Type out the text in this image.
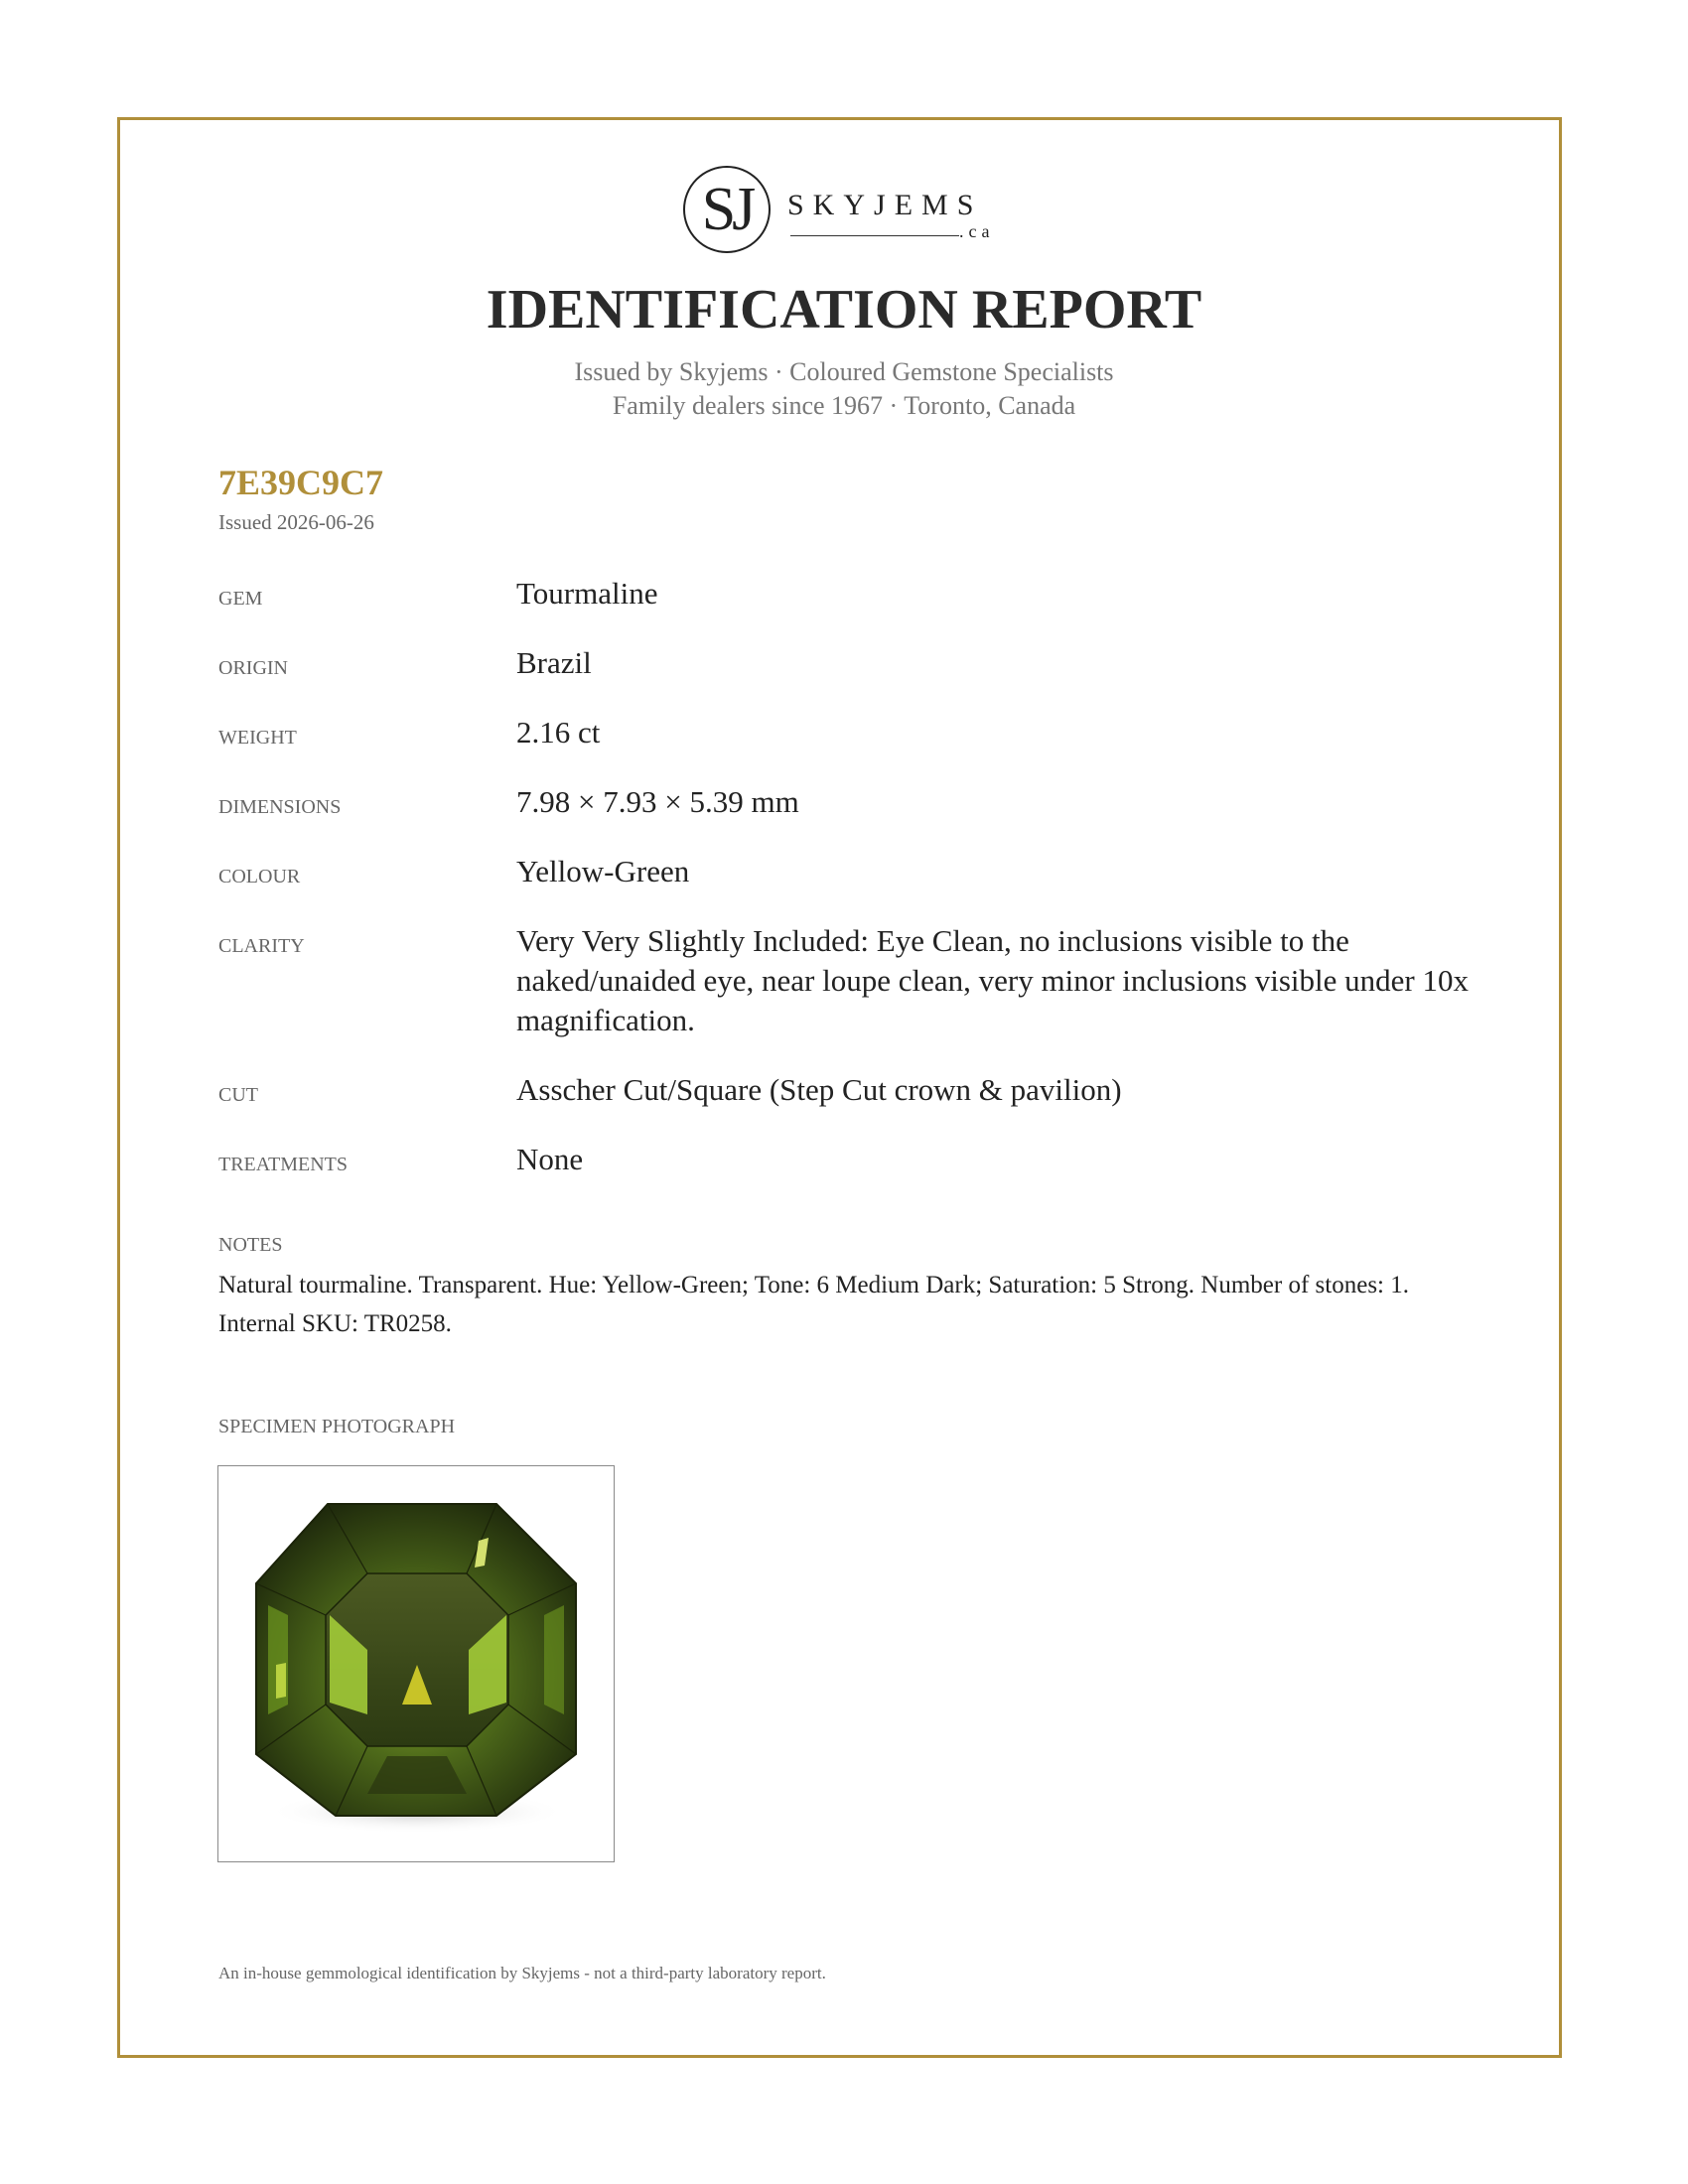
SJ	SKYJEMS
.ca
IDENTIFICATION REPORT
Issued by Skyjems · Coloured Gemstone Specialists
Family dealers since 1967 · Toronto, Canada
7E39C9C7
Issued 2026-06-26
GEM	Tourmaline
ORIGIN	Brazil
WEIGHT	2.16 ct
DIMENSIONS	7.98 × 7.93 × 5.39 mm
COLOUR	Yellow-Green
CLARITY	Very Very Slightly Included: Eye Clean, no inclusions visible to the naked/unaided eye, near loupe clean, very minor inclusions visible under 10x magnification.
CUT	Asscher Cut/Square (Step Cut crown & pavilion)
TREATMENTS	None
NOTES
Natural tourmaline. Transparent. Hue: Yellow-Green; Tone: 6 Medium Dark; Saturation: 5 Strong. Number of stones: 1. Internal SKU: TR0258.
SPECIMEN PHOTOGRAPH
An in-house gemmological identification by Skyjems - not a third-party laboratory report.
